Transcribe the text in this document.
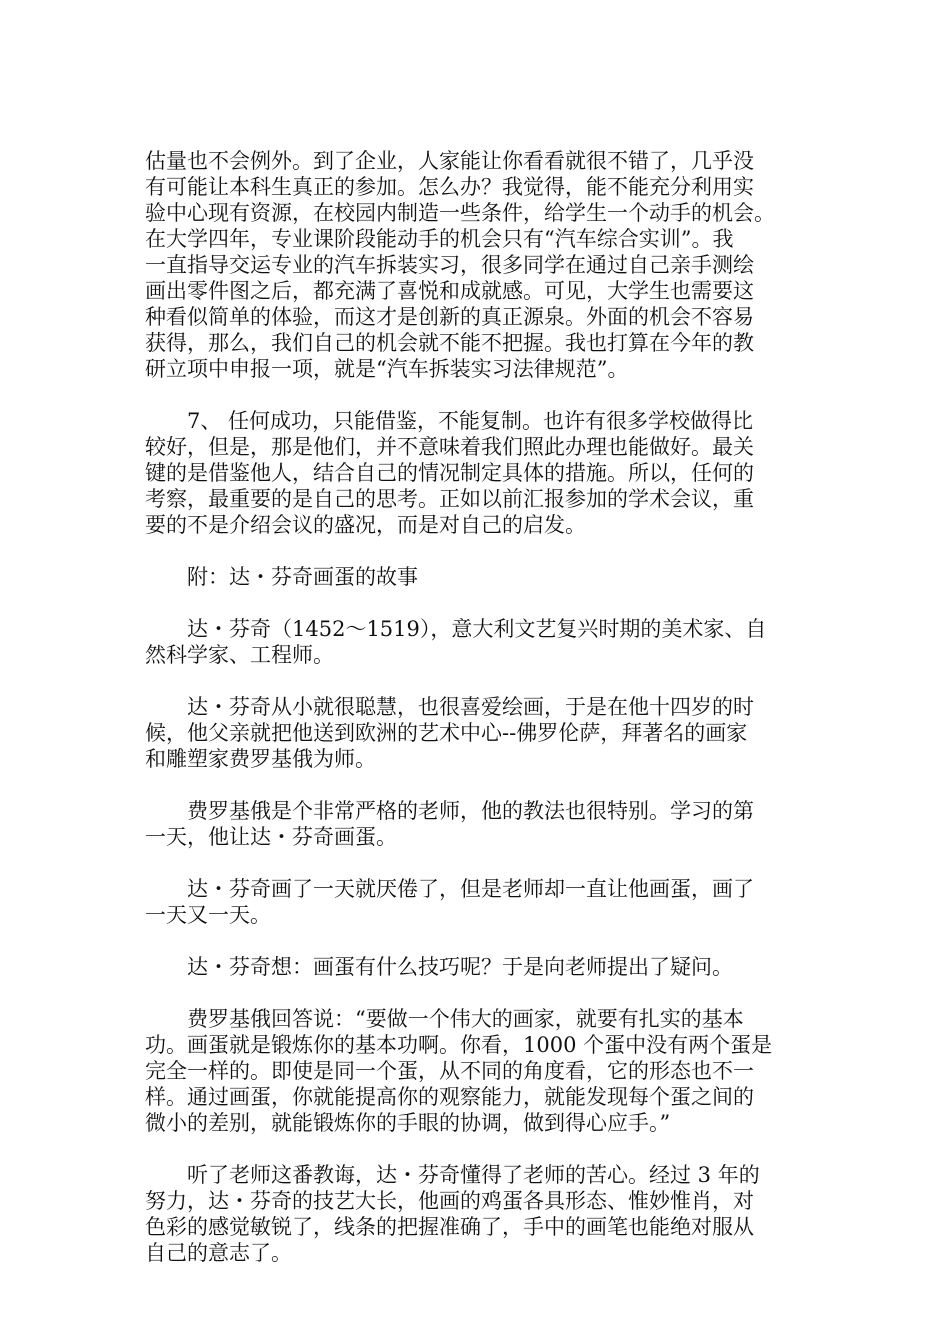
估量也不会例外。到了企业，人家能让你看看就很不错了，几乎没
有可能让本科生真正的参加。怎么办？我觉得，能不能充分利用实
验中心现有资源，在校园内制造一些条件，给学生一个动手的机会。
在大学四年，专业课阶段能动手的机会只有“汽车综合实训”。我
一直指导交运专业的汽车拆装实习，很多同学在通过自己亲手测绘
画出零件图之后，都充满了喜悦和成就感。可见，大学生也需要这
种看似简单的体验，而这才是创新的真正源泉。外面的机会不容易
获得，那么，我们自己的机会就不能不把握。我也打算在今年的教
研立项中申报一项，就是“汽车拆装实习法律规范”。
　　7、 任何成功，只能借鉴，不能复制。也许有很多学校做得比
较好，但是，那是他们，并不意味着我们照此办理也能做好。最关
键的是借鉴他人，结合自己的情况制定具体的措施。所以，任何的
考察，最重要的是自己的思考。正如以前汇报参加的学术会议，重
要的不是介绍会议的盛况，而是对自己的启发。
　　附：达・芬奇画蛋的故事
　　达・芬奇（1452～1519），意大利文艺复兴时期的美术家、自
然科学家、工程师。
　　达・芬奇从小就很聪慧，也很喜爱绘画，于是在他十四岁的时
候，他父亲就把他送到欧洲的艺术中心--佛罗伦萨，拜著名的画家
和雕塑家费罗基俄为师。
　　费罗基俄是个非常严格的老师，他的教法也很特别。学习的第
一天，他让达・芬奇画蛋。
　　达・芬奇画了一天就厌倦了，但是老师却一直让他画蛋，画了
一天又一天。
　　达・芬奇想：画蛋有什么技巧呢？于是向老师提出了疑问。
　　费罗基俄回答说：“要做一个伟大的画家，就要有扎实的基本
功。画蛋就是锻炼你的基本功啊。你看，1000 个蛋中没有两个蛋是
完全一样的。即使是同一个蛋，从不同的角度看，它的形态也不一
样。通过画蛋，你就能提高你的观察能力，就能发现每个蛋之间的
微小的差别，就能锻炼你的手眼的协调，做到得心应手。”
　　听了老师这番教诲，达・芬奇懂得了老师的苦心。经过 3 年的
努力，达・芬奇的技艺大长，他画的鸡蛋各具形态、惟妙惟肖，对
色彩的感觉敏锐了，线条的把握准确了，手中的画笔也能绝对服从
自己的意志了。
